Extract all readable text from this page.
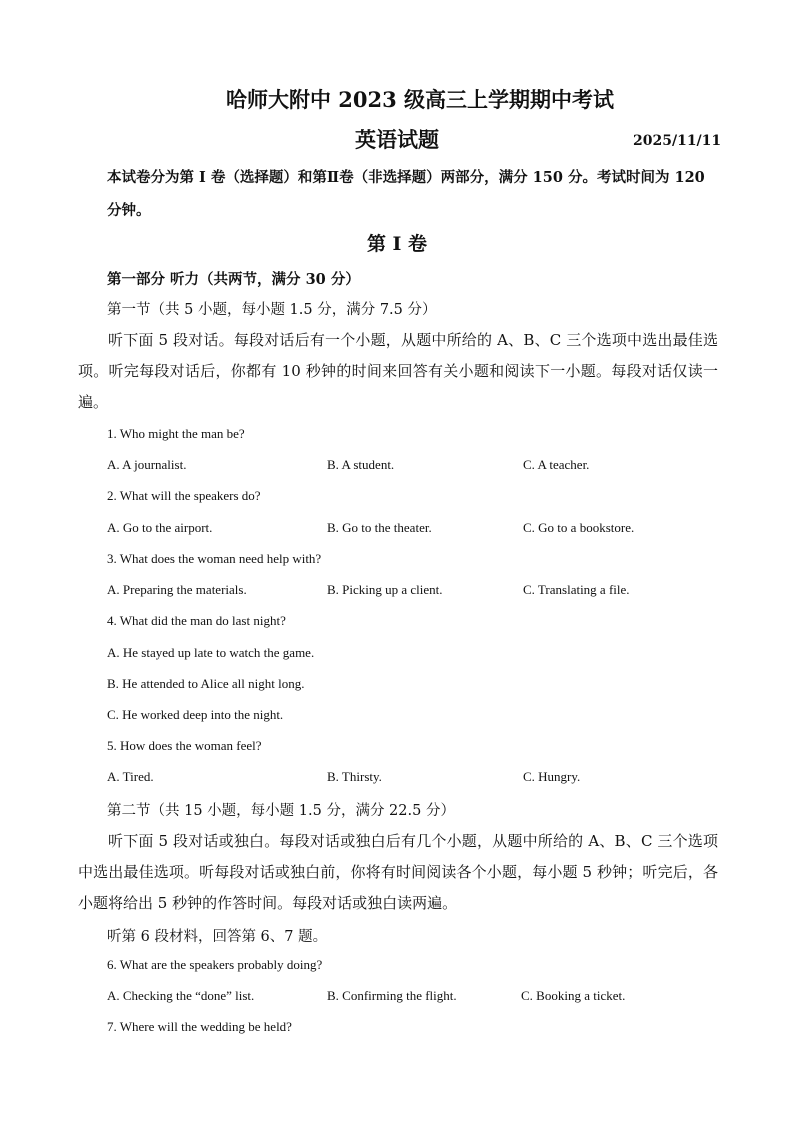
哈师大附中 2023 级高三上学期期中考试
英语试题	2025/11/11
本试卷分为第 I 卷（选择题）和第Ⅱ卷（非选择题）两部分，满分 150 分。考试时间为 120 分钟。
第 I 卷
第一部分 听力（共两节，满分 30 分）
第一节（共 5 小题，每小题 1.5 分，满分 7.5 分）
听下面 5 段对话。每段对话后有一个小题，从题中所给的 A、B、C 三个选项中选出最佳选项。听完每段对话后，你都有 10 秒钟的时间来回答有关小题和阅读下一小题。每段对话仅读一遍。
1. Who might the man be?
A. A journalist.	B. A student.	C. A teacher.
2. What will the speakers do?
A. Go to the airport.	B. Go to the theater.	C. Go to a bookstore.
3. What does the woman need help with?
A. Preparing the materials.	B. Picking up a client.	C. Translating a file.
4. What did the man do last night?
A. He stayed up late to watch the game.
B. He attended to Alice all night long.
C. He worked deep into the night.
5. How does the woman feel?
A. Tired.	B. Thirsty.	C. Hungry.
第二节（共 15 小题，每小题 1.5 分，满分 22.5 分）
听下面 5 段对话或独白。每段对话或独白后有几个小题，从题中所给的 A、B、C 三个选项中选出最佳选项。听每段对话或独白前，你将有时间阅读各个小题，每小题 5 秒钟；听完后，各小题将给出 5 秒钟的作答时间。每段对话或独白读两遍。
听第 6 段材料，回答第 6、7 题。
6. What are the speakers probably doing?
A. Checking the “done” list.	B. Confirming the flight.	C. Booking a ticket.
7. Where will the wedding be held?
